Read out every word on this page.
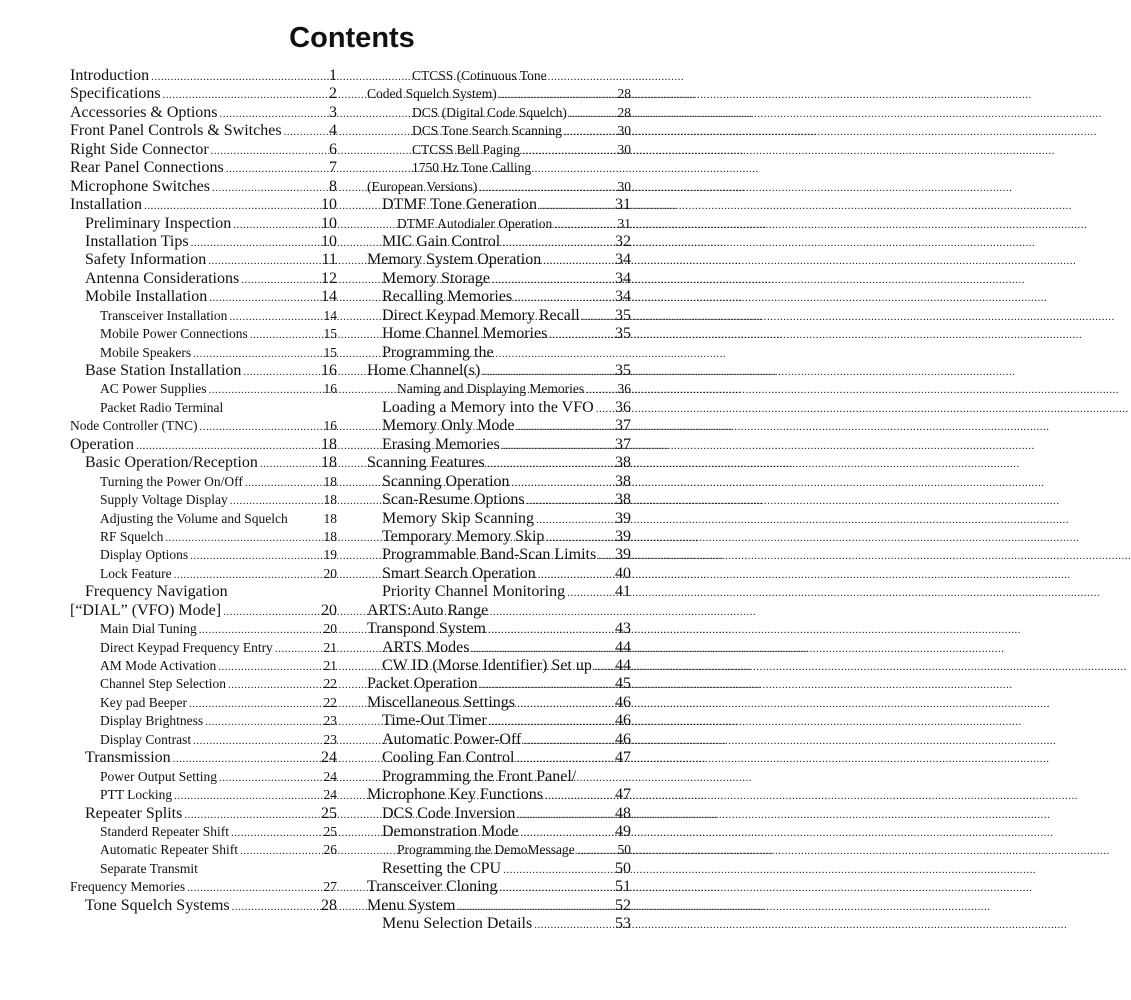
Contents
Introduction .....	1
Specifications .....	2
Accessories & Options .....	3
Front Panel Controls & Switches .....	4
Right Side Connector .....	6
Rear Panel Connections .....	7
Microphone Switches .....	8
Installation .....	10
Preliminary Inspection .....	10
Installation Tips .....	10
Safety Information .....	11
Antenna Considerations .....	12
Mobile Installation .....	14
Transceiver Installation .....	14
Mobile Power Connections .....	15
Mobile Speakers .....	15
Base Station Installation .....	16
AC Power Supplies .....	16
Packet Radio Terminal
Node Controller (TNC) .....	16
Operation .....	18
Basic Operation/Reception .....	18
Turning the Power On/Off .....	18
Supply Voltage Display .....	18
Adjusting the Volume and Squelch	18
RF Squelch .....	18
Display Options .....	19
Lock Feature .....	20
Frequency Navigation
[“DIAL” (VFO) Mode] .....	20
Main Dial Tuning .....	20
Direct Keypad Frequency Entry .....	21
AM Mode Activation .....	21
Channel Step Selection .....	22
Key pad Beeper .....	22
Display Brightness .....	23
Display Contrast .....	23
Transmission .....	24
Power Output Setting .....	24
PTT Locking .....	24
Repeater Splits .....	25
Standerd Repeater Shift .....	25
Automatic Repeater Shift .....	26
Separate Transmit
Frequency Memories .....	27
Tone Squelch Systems .....	28
CTCSS (Cotinuous Tone
Coded Squelch System) .....	28
DCS (Digital Code Squelch) .....	28
DCS Tone Search Scanning .....	30
CTCSS Bell Paging .....	30
1750 Hz Tone Calling
(European Versions) .....	30
DTMF Tone Generation .....	31
DTMF Autodialer Operation .....	31
MIC Gain Control .....	32
Memory System Operation .....	34
Memory Storage .....	34
Recalling Memories .....	34
Direct Keypad Memory Recall ..... 35
Home Channel Memories .....	35
Programming the
Home Channel(s) .....	35
Naming and Displaying Memories ..... 36
Loading a Memory into the VFO ..... 36
Memory Only Mode .....	37
Erasing Memories .....	37
Scanning Features .....	38
Scanning Operation .....	38
Scan-Resume Options .....	38
Memory Skip Scanning .....	39
Temporary Memory Skip .....	39
Programmable Band-Scan Limits ..... 39
Smart Search Operation .....	40
Priority Channel Monitoring .....	41
ARTS:Auto Range
Transpond System .....	43
ARTS Modes .....	44
CW ID (Morse Identifier) Set up ..... 44
Packet Operation .....	45
Miscellaneous Settings .....	46
Time-Out Timer .....	46
Automatic Power-Off .....	46
Cooling Fan Control .....	47
Programming the Front Panel/
Microphone Key Functions .....	47
DCS Code Inversion .....	48
Demonstration Mode .....	49
Programming the DemoMessage .....	50
Resetting the CPU .....	50
Transceiver Cloning .....	51
Menu System .....	52
Menu Selection Details .....	53
